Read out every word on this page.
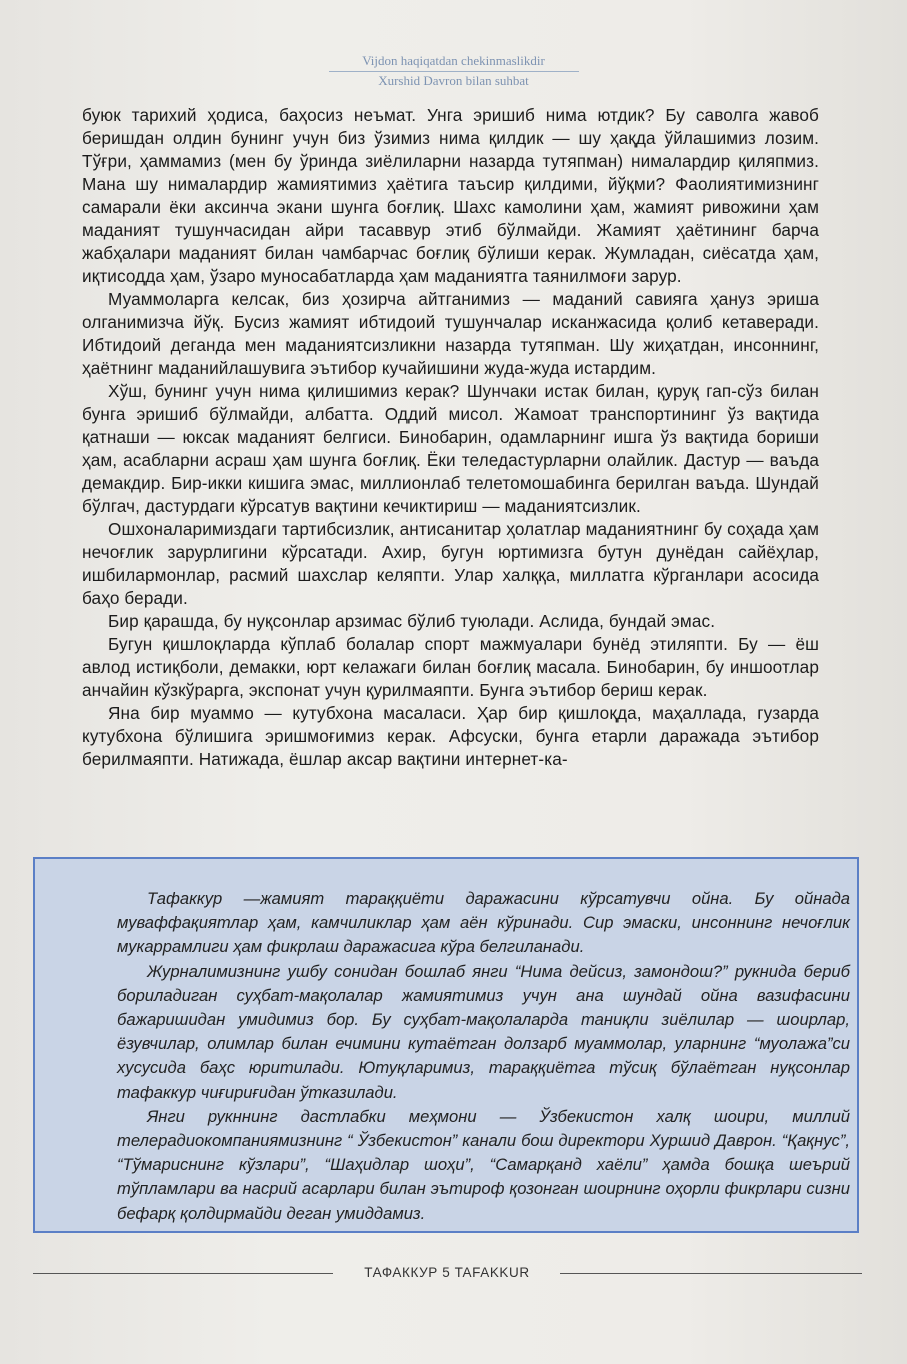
Vijdon haqiqatdan chekinmaslikdir
Xurshid Davron bilan suhbat

буюк тарихий ҳодиса, баҳосиз неъмат. Унга эришиб нима ютдик? Бу саволга жавоб беришдан олдин бунинг учун биз ўзимиз нима қилдик — шу ҳақда ўйлашимиз лозим. Тўғри, ҳаммамиз (мен бу ўринда зиёлиларни назарда тутяпман) нималардир қиляпмиз. Мана шу нималардир жамиятимиз ҳаётига таъсир қилдими, йўқми? Фаолиятимизнинг самарали ёки аксинча экани шунга боғлиқ. Шахс камолини ҳам, жамият ривожини ҳам маданият тушунчасидан айри тасаввур этиб бўлмайди. Жамият ҳаётининг барча жабҳалари маданият билан чамбарчас боғлиқ бўлиши керак. Жумладан, сиёсатда ҳам, иқтисодда ҳам, ўзаро муносабатларда ҳам маданиятга таянилмоғи зарур.

Муаммоларга келсак, биз ҳозирча айтганимиз — маданий савияга ҳануз эриша олганимизча йўқ. Бусиз жамият ибтидоий тушунчалар исканжасида қолиб кетаверади. Ибтидоий деганда мен маданиятсизликни назарда тутяпман. Шу жиҳатдан, инсоннинг, ҳаётнинг маданийлашувига эътибор кучайишини жуда-жуда истардим.

Хўш, бунинг учун нима қилишимиз керак? Шунчаки истак билан, қуруқ гап-сўз билан бунга эришиб бўлмайди, албатта. Оддий мисол. Жамоат транспортининг ўз вақтида қатнаши — юксак маданият белгиси. Бинобарин, одамларнинг ишга ўз вақтида бориши ҳам, асабларни асраш ҳам шунга боғлиқ. Ёки теледастурларни олайлик. Дастур — ваъда демакдир. Бир-икки кишига эмас, миллионлаб телетомошабинга берилган ваъда. Шундай бўлгач, дастурдаги кўрсатув вақтини кечиктириш — маданиятсизлик.

Ошхоналаримиздаги тартибсизлик, антисанитар ҳолатлар маданиятнинг бу соҳада ҳам нечоғлик зарурлигини кўрсатади. Ахир, бугун юртимизга бутун дунёдан сайёҳлар, ишбилармонлар, расмий шахслар келяпти. Улар халққа, миллатга кўрганлари асосида баҳо беради.

Бир қарашда, бу нуқсонлар арзимас бўлиб туюлади. Аслида, бундай эмас.

Бугун қишлоқларда кўплаб болалар спорт мажмуалари бунёд этиляпти. Бу — ёш авлод истиқболи, демакки, юрт келажаги билан боғлиқ масала. Бинобарин, бу иншоотлар анчайин кўзкўрарга, экспонат учун қурилмаяпти. Бунга эътибор бериш керак.

Яна бир муаммо — кутубхона масаласи. Ҳар бир қишлоқда, маҳаллада, гузарда кутубхона бўлишига эришмоғимиз керак. Афсуски, бунга етарли даражада эътибор берилмаяпти. Натижада, ёшлар аксар вақтини интернет-ка-

Тафаккур —жамият тараққиёти даражасини кўрсатувчи ойна. Бу ойнада муваффақиятлар ҳам, камчиликлар ҳам аён кўринади. Сир эмаски, инсоннинг нечоғлик мукаррамлиги ҳам фикрлаш даражасига кўра белгиланади.

Журналимизнинг ушбу сонидан бошлаб янги “Нима дейсиз, замондош?” рукнида бериб бориладиган суҳбат-мақолалар жамиятимиз учун ана шундай ойна вазифасини бажаришидан умидимиз бор. Бу суҳбат-мақолаларда таниқли зиёлилар — шоирлар, ёзувчилар, олимлар билан ечимини кутаётган долзарб муаммолар, уларнинг “муолажа”си хусусида баҳс юритилади. Ютуқларимиз, тараққиётга тўсиқ бўлаётган нуқсонлар тафаккур чиғириғидан ўтказилади.

Янги рукннинг дастлабки меҳмони — Ўзбекистон халқ шоири, миллий телерадиокомпаниямизнинг “ Ўзбекистон” канали бош директори Хуршид Даврон. “Қақнус”, “Тўмариснинг кўзлари”, “Шаҳидлар шоҳи”, “Самарқанд хаёли” ҳамда бошқа шеърий тўпламлари ва насрий асарлари билан эътироф қозонган шоирнинг оҳорли фикрлари сизни бефарқ қолдирмайди деган умиддамиз.

ТАФАККУР 5 TAFAKKUR
